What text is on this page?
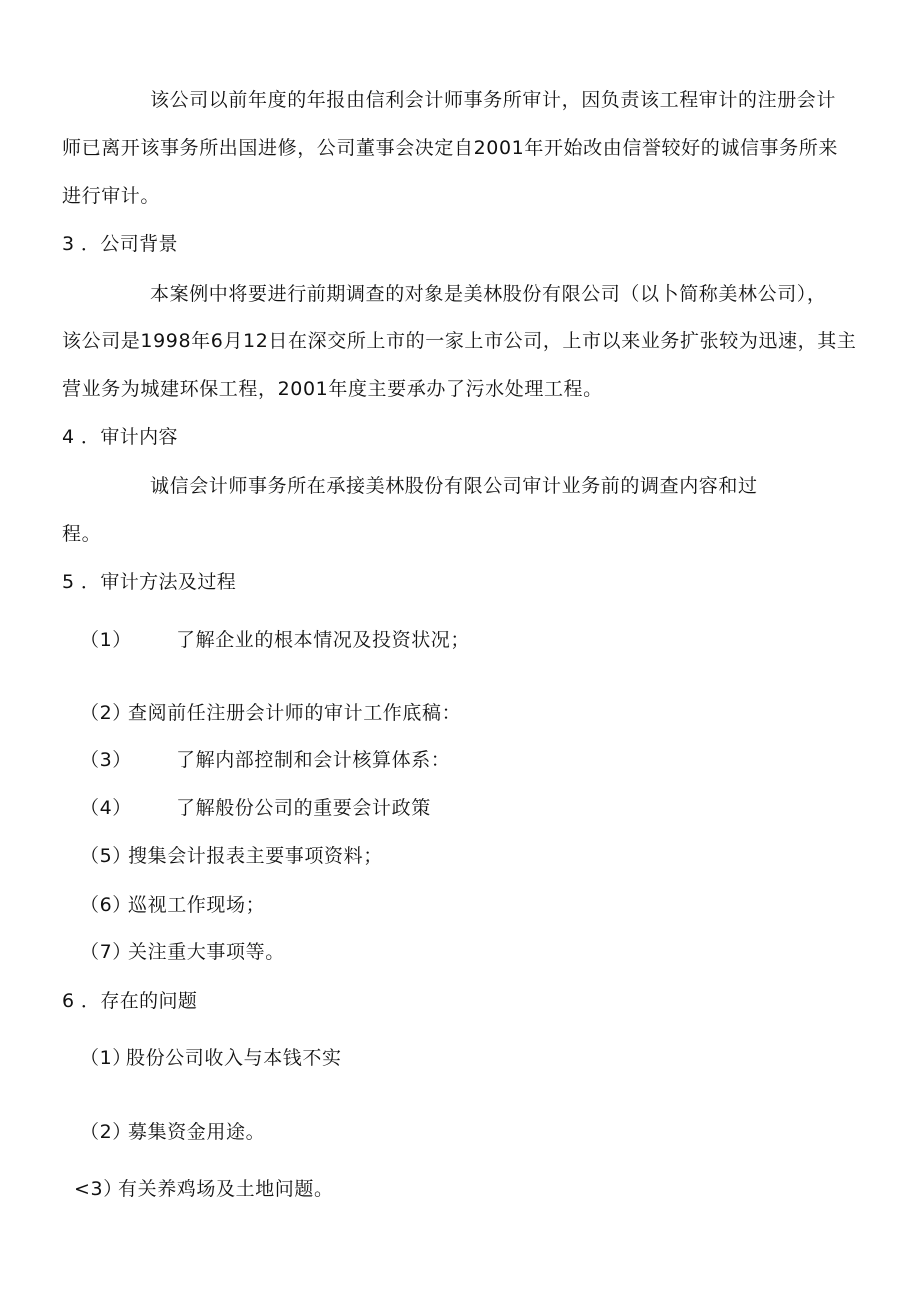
该公司以前年度的年报由信利会计师事务所审计，因负责该工程审计的注册会计
师已离开该事务所出国进修，公司董事会决定自2001年开始改由信誉较好的诚信事务所来
进行审计。
3 ．公司背景
本案例中将要进行前期调查的对象是美林股份有限公司（以卜简称美林公司），
该公司是1998年6月12日在深交所上市的一家上市公司，上市以来业务扩张较为迅速，其主
营业务为城建环保工程，2001年度主要承办了污水处理工程。
4 ．审计内容
诚信会计师事务所在承接美林股份有限公司审计业务前的调查内容和过
程。
5 ．审计方法及过程
（1） 了解企业的根本情况及投资状况；
（2）
查阅前任注册会计师的审计工作底稿：
（3） 了解内部控制和会计核算体系：
（4） 了解般份公司的重要会计政策
（5）
搜集会计报表主要事项资料；
（6）
巡视工作现场；
（7）
关注重大事项等。
6 ．存在的问题
（1）
股份公司收入与本钱不实
（2）
募集资金用途。
<3）
有关养鸡场及土地问题。
